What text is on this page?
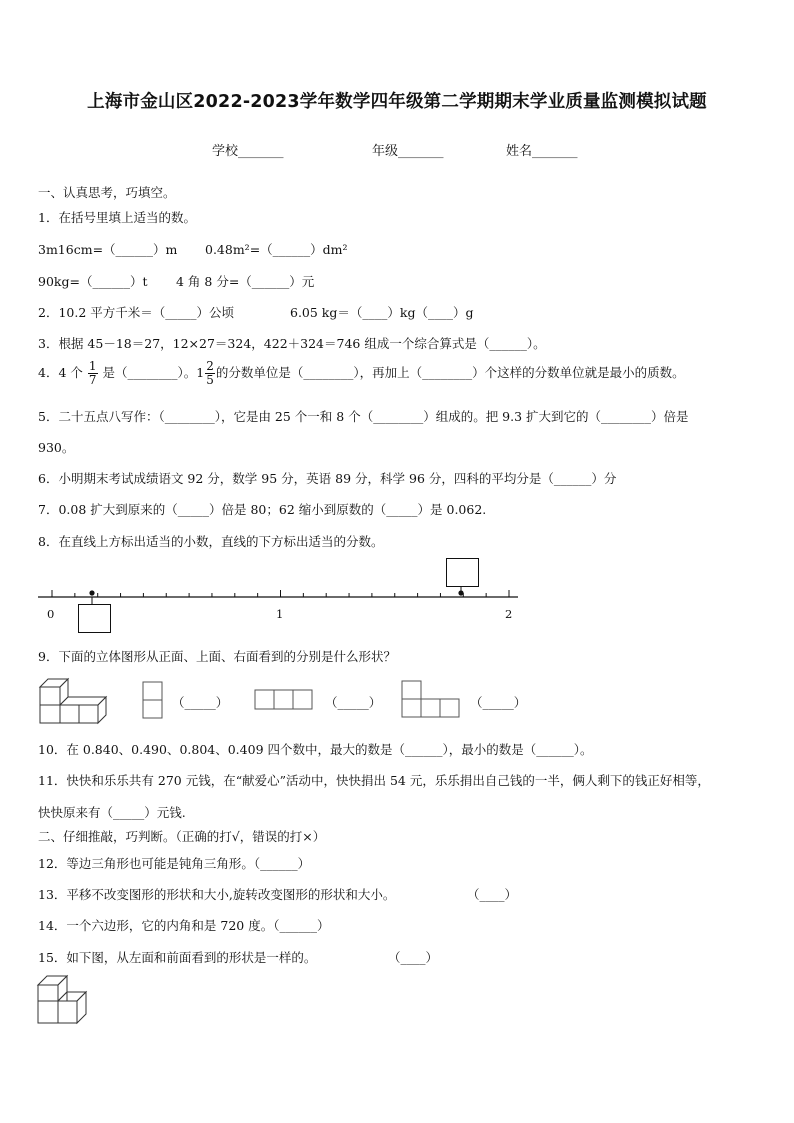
上海市金山区2022-2023学年数学四年级第二学期期末学业质量监测模拟试题
学校_______	年级_______	姓名_______
一、认真思考，巧填空。
1．在括号里填上适当的数。
3m16cm=（______）m 0.48m²=（______）dm²
90kg=（______）t 4 角 8 分=（______）元
2．10.2 平方千米＝（_____）公顷	6.05 kg＝（____）kg（____）g
3．根据 45－18＝27，12×27＝324，422＋324＝746 组成一个综合算式是（______）。
4．4 个 $\frac{1}{7}$ 是（________）。$1 \frac{2}{5}$ 的分数单位是（________），再加上（________）个这样的分数单位就是最小的质数。
5．二十五点八写作：（________），它是由 25 个一和 8 个（________）组成的。把 9.3 扩大到它的（________）倍是
930。
6．小明期末考试成绩语文 92 分，数学 95 分，英语 89 分，科学 96 分，四科的平均分是（______）分
7．0.08 扩大到原来的（_____）倍是 80；62 缩小到原数的（_____）是 0.062.
8．在直线上方标出适当的小数，直线的下方标出适当的分数。
0	1	2
9．下面的立体图形从正面、上面、右面看到的分别是什么形状？
（_____）	（_____）	（_____）
10．在 0.840、0.490、0.804、0.409 四个数中，最大的数是（______），最小的数是（______）。
11．快快和乐乐共有 270 元钱，在“献爱心”活动中，快快捐出 54 元，乐乐捐出自己钱的一半，俩人剩下的钱正好相等，
快快原来有（_____）元钱.
二、仔细推敲，巧判断。（正确的打√，错误的打×）
12．等边三角形也可能是钝角三角形。（______）
13．平移不改变图形的形状和大小,旋转改变图形的形状和大小。	（____）
14．一个六边形，它的内角和是 720 度。（______）
15．如下图，从左面和前面看到的形状是一样的。	（____）
